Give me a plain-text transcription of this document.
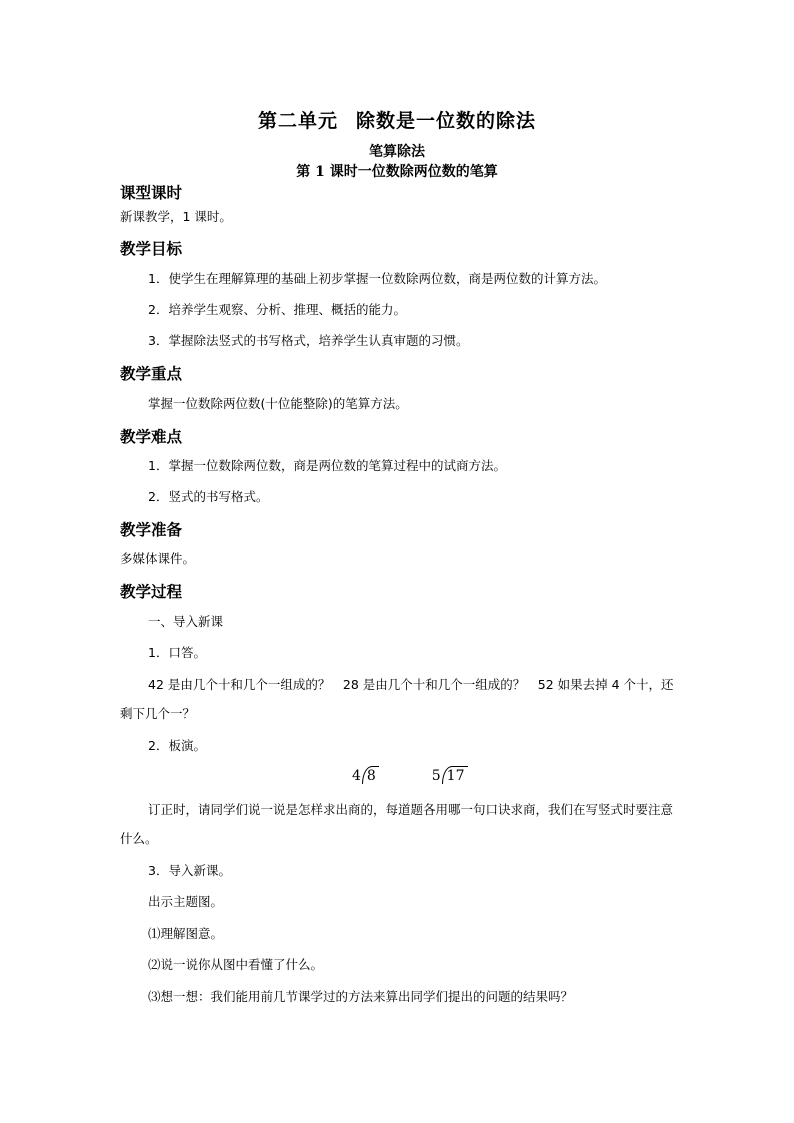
第二单元 除数是一位数的除法
笔算除法
第 1 课时一位数除两位数的笔算
课型课时
新课教学，1 课时。
教学目标
1．使学生在理解算理的基础上初步掌握一位数除两位数，商是两位数的计算方法。
2．培养学生观察、分析、推理、概括的能力。
3．掌握除法竖式的书写格式，培养学生认真审题的习惯。
教学重点
掌握一位数除两位数(十位能整除)的笔算方法。
教学难点
1．掌握一位数除两位数，商是两位数的笔算过程中的试商方法。
2．竖式的书写格式。
教学准备
多媒体课件。
教学过程
一、导入新课
1．口答。
42 是由几个十和几个一组成的？　28 是由几个十和几个一组成的？　52 如果去掉 4 个十，还剩下几个一？
2．板演。
4 8
	5 17
订正时，请同学们说一说是怎样求出商的，每道题各用哪一句口诀求商，我们在写竖式时要注意什么。
3．导入新课。
出示主题图。
⑴理解图意。
⑵说一说你从图中看懂了什么。
⑶想一想：我们能用前几节课学过的方法来算出同学们提出的问题的结果吗？
